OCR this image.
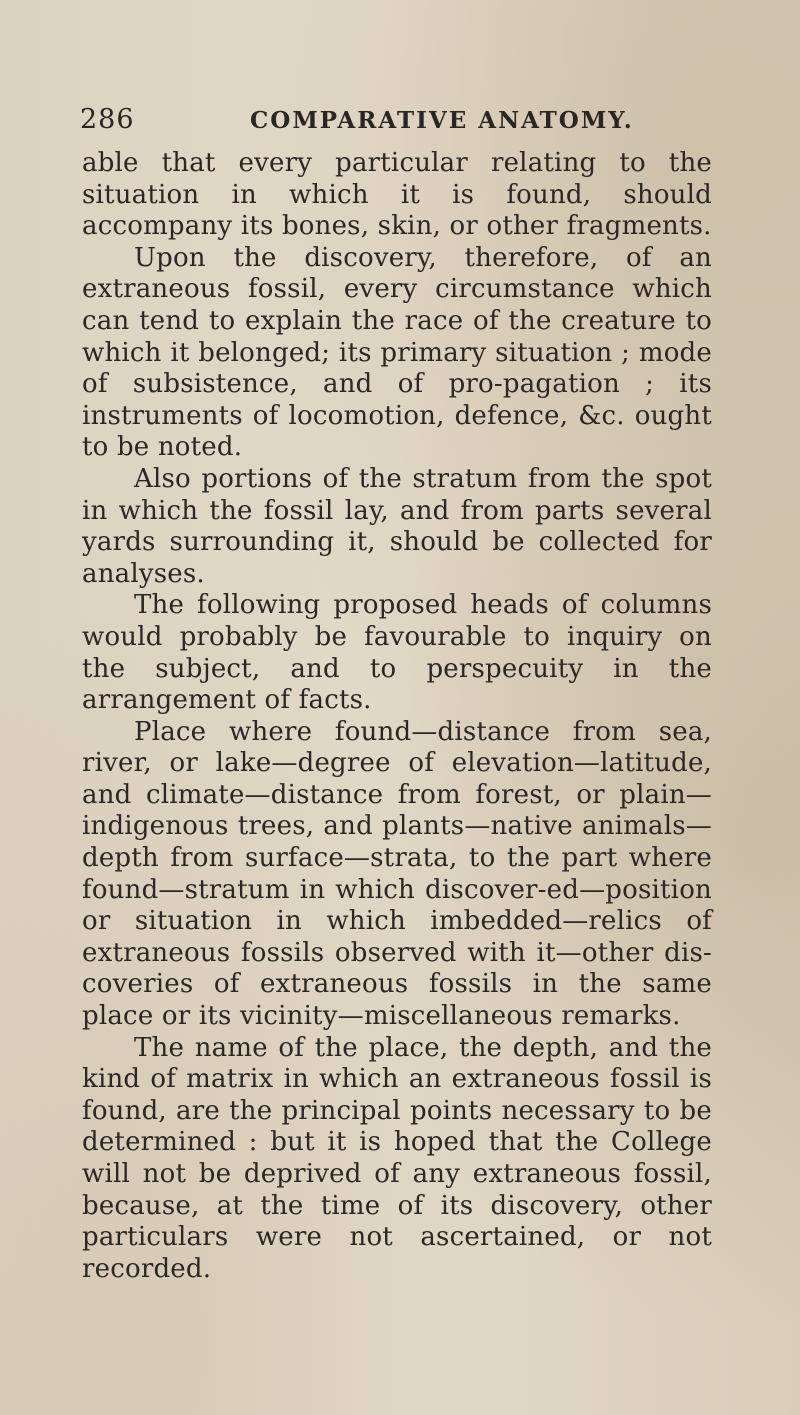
286	COMPARATIVE ANATOMY.

able that every particular relating to the situation in which it is found, should accompany its bones, skin, or other fragments.

Upon the discovery, therefore, of an extraneous fossil, every circumstance which can tend to explain the race of the creature to which it belonged; its primary situation ; mode of subsistence, and of pro-pagation ; its instruments of locomotion, defence, &c. ought to be noted.

Also portions of the stratum from the spot in which the fossil lay, and from parts several yards surrounding it, should be collected for analyses.

The following proposed heads of columns would probably be favourable to inquiry on the subject, and to perspecuity in the arrangement of facts.

Place where found—distance from sea, river, or lake—degree of elevation—latitude, and climate—distance from forest, or plain—indigenous trees, and plants—native animals—depth from surface—strata, to the part where found—stratum in which discover-ed—position or situation in which imbedded—relics of extraneous fossils observed with it—other dis-coveries of extraneous fossils in the same place or its vicinity—miscellaneous remarks.

The name of the place, the depth, and the kind of matrix in which an extraneous fossil is found, are the principal points necessary to be determined : but it is hoped that the College will not be deprived of any extraneous fossil, because, at the time of its discovery, other particulars were not ascertained, or not recorded.
